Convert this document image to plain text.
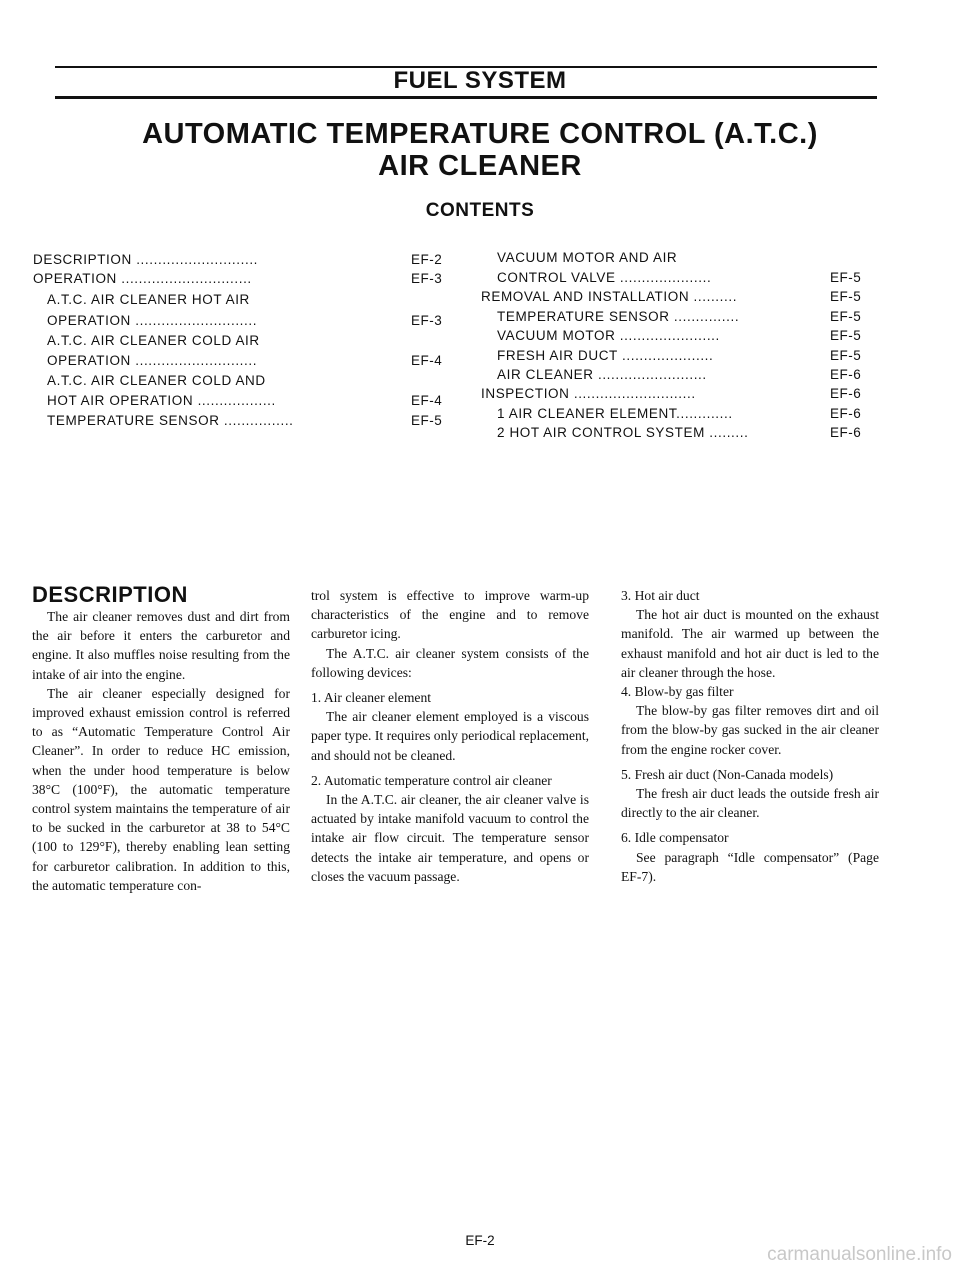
FUEL SYSTEM
AUTOMATIC TEMPERATURE CONTROL (A.T.C.)
AIR CLEANER
CONTENTS
DESCRIPTION ............................	EF-2
OPERATION ..............................	EF-3
A.T.C. AIR CLEANER HOT AIR
OPERATION ............................	EF-3
A.T.C. AIR CLEANER COLD AIR
OPERATION ............................	EF-4
A.T.C. AIR CLEANER COLD AND
HOT AIR OPERATION ..................	EF-4
TEMPERATURE SENSOR ................	EF-5
VACUUM MOTOR AND AIR
CONTROL VALVE .....................	EF-5
REMOVAL AND INSTALLATION ..........	EF-5
TEMPERATURE SENSOR ...............	EF-5
VACUUM MOTOR .......................	EF-5
FRESH AIR DUCT .....................	EF-5
AIR CLEANER .........................	EF-6
INSPECTION ............................	EF-6
1 AIR CLEANER ELEMENT.............	EF-6
2 HOT AIR CONTROL SYSTEM .........	EF-6
DESCRIPTION

The air cleaner removes dust and dirt from the air before it enters the carburetor and engine. It also muffles noise resulting from the intake of air into the engine.

The air cleaner especially designed for improved exhaust emission control is referred to as “Automatic Temperature Control Air Cleaner”. In order to reduce HC emission, when the under hood temperature is below 38°C (100°F), the automatic temperature control system maintains the temperature of air to be sucked in the carburetor at 38 to 54°C (100 to 129°F), thereby enabling lean setting for carburetor calibration. In addition to this, the automatic temperature con-

trol system is effective to improve warm-up characteristics of the engine and to remove carburetor icing.

The A.T.C. air cleaner system consists of the following devices:

1. Air cleaner element

The air cleaner element employed is a viscous paper type. It requires only periodical replacement, and should not be cleaned.

2. Automatic temperature control air cleaner

In the A.T.C. air cleaner, the air cleaner valve is actuated by intake manifold vacuum to control the intake air flow circuit. The temperature sensor detects the intake air temperature, and opens or closes the vacuum passage.

3. Hot air duct

The hot air duct is mounted on the exhaust manifold. The air warmed up between the exhaust manifold and hot air duct is led to the air cleaner through the hose.

4. Blow-by gas filter

The blow-by gas filter removes dirt and oil from the blow-by gas sucked in the air cleaner from the engine rocker cover.

5. Fresh air duct (Non-Canada models)

The fresh air duct leads the outside fresh air directly to the air cleaner.

6. Idle compensator

See paragraph “Idle compensator” (Page EF-7).

EF-2
carmanualsonline.info
